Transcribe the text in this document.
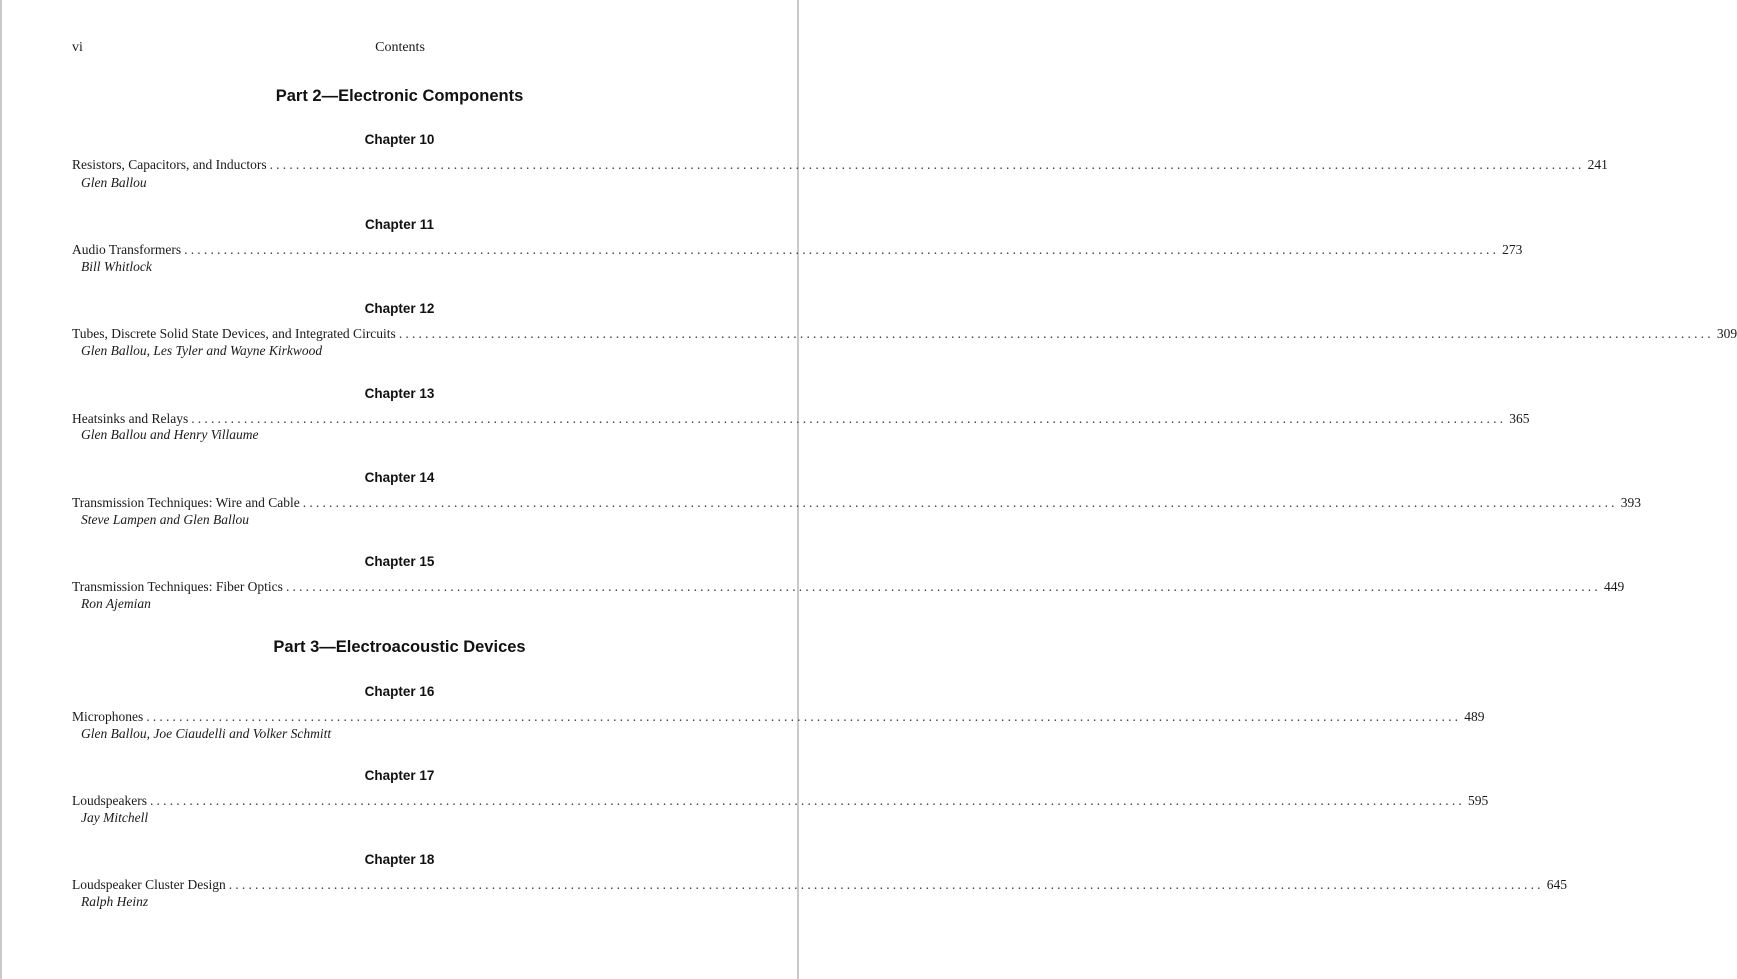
vi	Contents
Part 2—Electronic Components
Chapter 10
Resistors, Capacitors, and Inductors ........................................................................................................................................................................................................ 241
Glen Ballou
Chapter 11
Audio Transformers ........................................................................................................................................................................................................ 273
Bill Whitlock
Chapter 12
Tubes, Discrete Solid State Devices, and Integrated Circuits ........................................................................................................................................................................................................ 309
Glen Ballou, Les Tyler and Wayne Kirkwood
Chapter 13
Heatsinks and Relays ........................................................................................................................................................................................................ 365
Glen Ballou and Henry Villaume
Chapter 14
Transmission Techniques: Wire and Cable ........................................................................................................................................................................................................ 393
Steve Lampen and Glen Ballou
Chapter 15
Transmission Techniques: Fiber Optics ........................................................................................................................................................................................................ 449
Ron Ajemian
Part 3—Electroacoustic Devices
Chapter 16
Microphones ........................................................................................................................................................................................................ 489
Glen Ballou, Joe Ciaudelli and Volker Schmitt
Chapter 17
Loudspeakers ........................................................................................................................................................................................................ 595
Jay Mitchell
Chapter 18
Loudspeaker Cluster Design ........................................................................................................................................................................................................ 645
Ralph Heinz
